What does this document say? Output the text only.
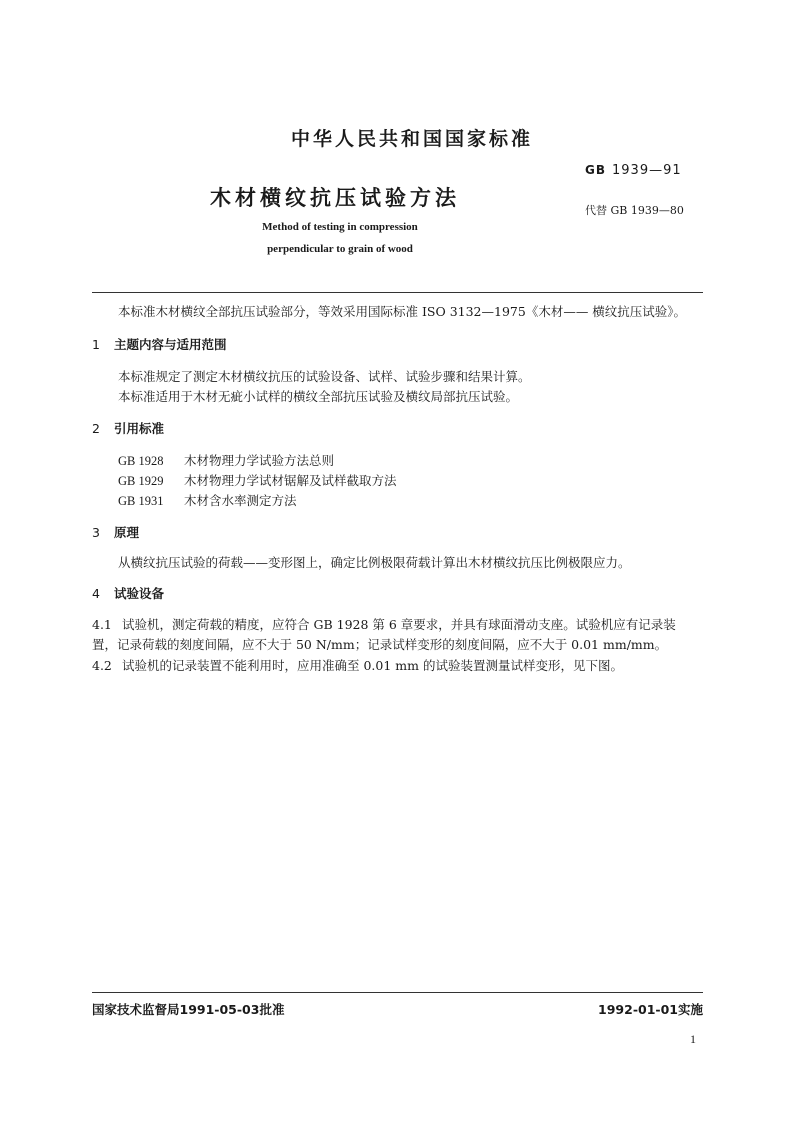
中华人民共和国国家标准
GB 1939—91
木材横纹抗压试验方法
代替 GB 1939—80
Method of testing in compression
perpendicular to grain of wood
本标准木材横纹全部抗压试验部分，等效采用国际标准 ISO 3132—1975《木材—— 横纹抗压试验》。
1 主题内容与适用范围
本标准规定了测定木材横纹抗压的试验设备、试样、试验步骤和结果计算。
本标准适用于木材无疵小试样的横纹全部抗压试验及横纹局部抗压试验。
2 引用标准
GB 1928 木材物理力学试验方法总则
GB 1929 木材物理力学试材锯解及试样截取方法
GB 1931 木材含水率测定方法
3 原理
从横纹抗压试验的荷载——变形图上，确定比例极限荷载计算出木材横纹抗压比例极限应力。
4 试验设备
4.1 试验机，测定荷载的精度，应符合 GB 1928 第 6 章要求，并具有球面滑动支座。试验机应有记录装
置，记录荷载的刻度间隔，应不大于 50 N/mm；记录试样变形的刻度间隔，应不大于 0.01 mm/mm。
4.2 试验机的记录装置不能利用时，应用准确至 0.01 mm 的试验装置测量试样变形，见下图。
国家技术监督局1991-05-03批准	1992-01-01实施
1
